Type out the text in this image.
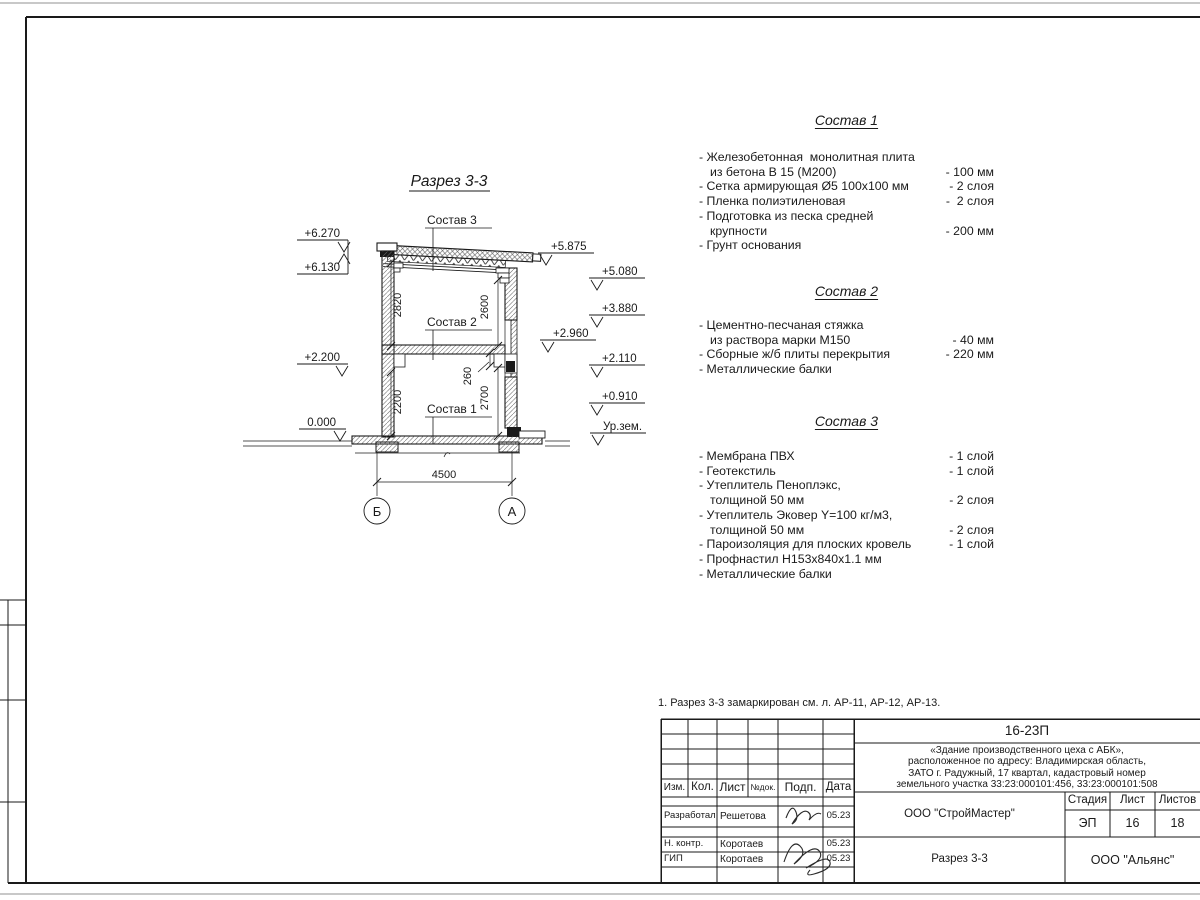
Б	А
Разрез 3-3
Состав 3
Состав 2
Состав 1
2820	2600
2200
260
2700
4500
+6.270
+6.130
+2.200
0.000
+5.875
+5.080
+3.880
+2.960
+2.110
+0.910
Ур.зем.
Состав 1
- Железобетонная  монолитная плита
из бетона В 15 (М200)	- 100 мм
- Сетка армирующая Ø5 100х100 мм	- 2 слоя
- Пленка полиэтиленовая	-  2 слоя
- Подготовка из песка средней
крупности	- 200 мм
- Грунт основания
Состав 2
- Цементно-песчаная стяжка
из раствора марки М150	- 40 мм
- Сборные ж/б плиты перекрытия	- 220 мм
- Металлические балки
Состав 3
- Мембрана ПВХ	- 1 слой
- Геотекстиль	- 1 слой
- Утеплитель Пеноплэкс,
толщиной 50 мм	- 2 слоя
- Утеплитель Эковер Y=100 кг/м3,
толщиной 50 мм	- 2 слоя
- Пароизоляция для плоских кровель	- 1 слой
- Профнастил Н153х840х1.1 мм
- Металлические балки
1. Разрез 3-3 замаркирован см. л. АР-11, АР-12, АР-13.
Изм. Кол. Лист №док. Подп. Дата
Разработал Решетова	05.23
Н. контр.	Коротаев	05.23
ГИП	Коротаев	05.23
16-23П
«Здание производственного цеха с АБК»,
расположенное по адресу: Владимирская область,
ЗАТО г. Радужный, 17 квартал, кадастровый номер
земельного участка 33:23:000101:456, 33:23:000101:508
ООО "СтройМастер"
Стадия	Лист	Листов
ЭП	16	18
Разрез 3-3	ООО "Альянс"
